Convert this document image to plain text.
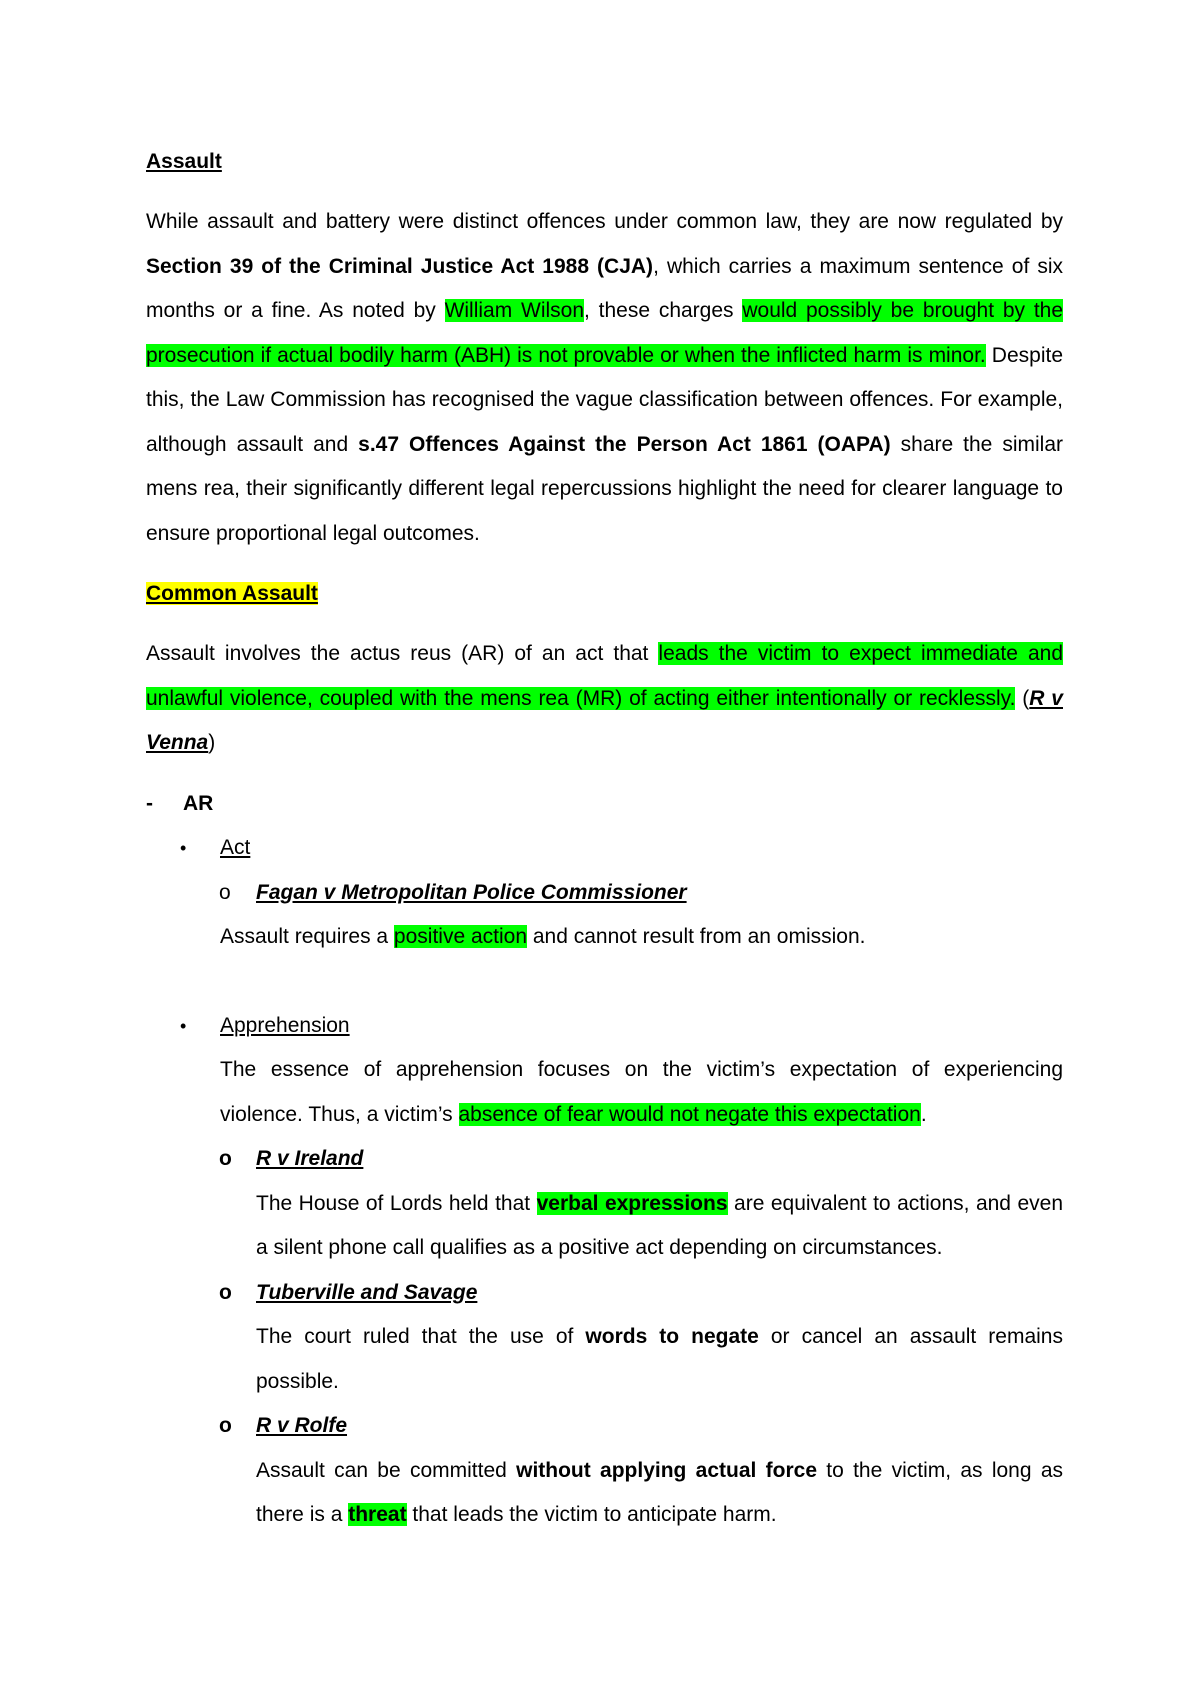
Assault

While assault and battery were distinct offences under common law, they are now regulated by Section 39 of the Criminal Justice Act 1988 (CJA), which carries a maximum sentence of six months or a fine. As noted by William Wilson, these charges would possibly be brought by the prosecution if actual bodily harm (ABH) is not provable or when the inflicted harm is minor. Despite this, the Law Commission has recognised the vague classification between offences. For example, although assault and s.47 Offences Against the Person Act 1861 (OAPA) share the similar mens rea, their significantly different legal repercussions highlight the need for clearer language to ensure proportional legal outcomes.

Common Assault

Assault involves the actus reus (AR) of an act that leads the victim to expect immediate and unlawful violence, coupled with the mens rea (MR) of acting either intentionally or recklessly. (R v Venna)

- AR
• Act
o Fagan v Metropolitan Police Commissioner
Assault requires a positive action and cannot result from an omission.
• Apprehension
The essence of apprehension focuses on the victim’s expectation of experiencing violence. Thus, a victim’s absence of fear would not negate this expectation.
o R v Ireland
The House of Lords held that verbal expressions are equivalent to actions, and even a silent phone call qualifies as a positive act depending on circumstances.
o Tuberville and Savage
The court ruled that the use of words to negate or cancel an assault remains possible.
o R v Rolfe
Assault can be committed without applying actual force to the victim, as long as there is a threat that leads the victim to anticipate harm.
